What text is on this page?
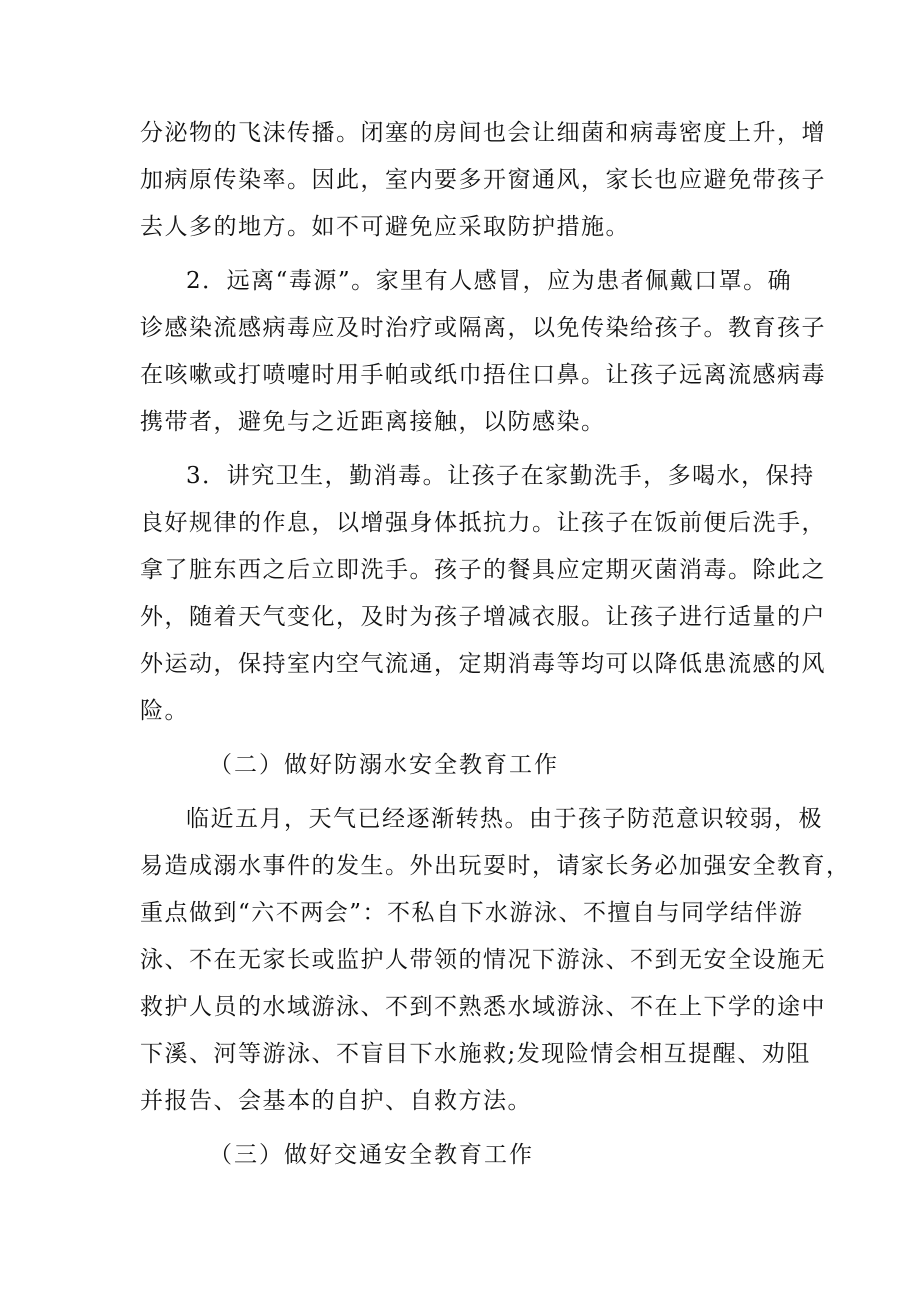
分泌物的飞沫传播。闭塞的房间也会让细菌和病毒密度上升，增
加病原传染率。因此，室内要多开窗通风，家长也应避免带孩子
去人多的地方。如不可避免应采取防护措施。
2．远离“毒源”。家里有人感冒，应为患者佩戴口罩。确
诊感染流感病毒应及时治疗或隔离，以免传染给孩子。教育孩子
在咳嗽或打喷嚏时用手帕或纸巾捂住口鼻。让孩子远离流感病毒
携带者，避免与之近距离接触，以防感染。
3．讲究卫生，勤消毒。让孩子在家勤洗手，多喝水，保持
良好规律的作息，以增强身体抵抗力。让孩子在饭前便后洗手，
拿了脏东西之后立即洗手。孩子的餐具应定期灭菌消毒。除此之
外，随着天气变化，及时为孩子增减衣服。让孩子进行适量的户
外运动，保持室内空气流通，定期消毒等均可以降低患流感的风
险。
（二）做好防溺水安全教育工作
临近五月，天气已经逐渐转热。由于孩子防范意识较弱，极
易造成溺水事件的发生。外出玩耍时，请家长务必加强安全教育，
重点做到“六不两会”：不私自下水游泳、不擅自与同学结伴游
泳、不在无家长或监护人带领的情况下游泳、不到无安全设施无
救护人员的水域游泳、不到不熟悉水域游泳、不在上下学的途中
下溪、河等游泳、不盲目下水施救;发现险情会相互提醒、劝阻
并报告、会基本的自护、自救方法。
（三）做好交通安全教育工作
